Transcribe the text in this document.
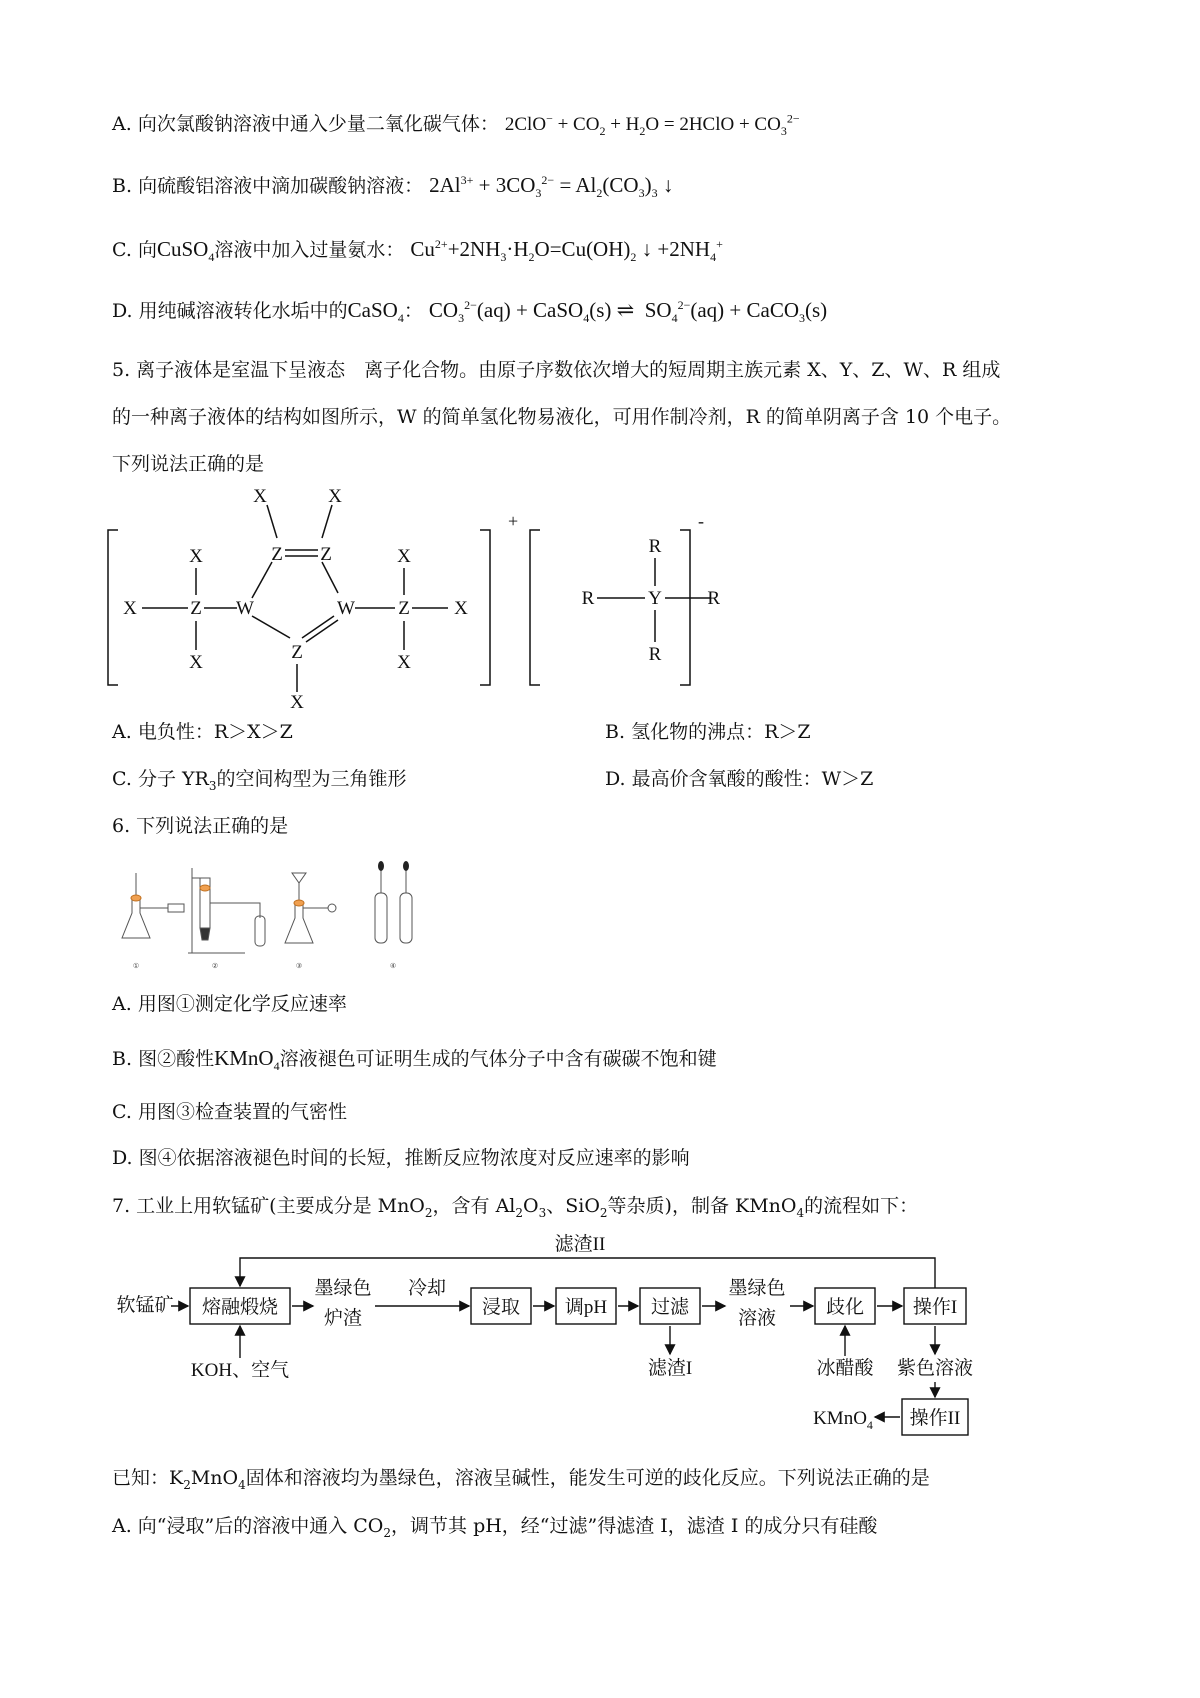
A. 向次氯酸钠溶液中通入少量二氧化碳气体： $2ClO^- + CO_2 + H_2O$ = 2HClO + $CO_3^{2-}$
B. 向硫酸铝溶液中滴加碳酸钠溶液： $2Al^{3+} + 3CO_3^{2-} = Al_2(CO_3)_3$ ↓
C. 向CuSO$_4$溶液中加入过量氨水： $Cu^{2+}+2NH_3\cdot H_2O=Cu(OH)_2$ ↓ $+2NH_4^+$
D. 用纯碱溶液转化水垢中的CaSO$_4$： $CO_3^{2-}(aq)$ + CaSO$_4$(s) ⇌  $SO_4^{2-}(aq)$ + CaCO$_3$(s)
5. 离子液体是室温下呈液态　离子化合物。由原子序数依次增大的短周期主族元素 X、Y、Z、W、R 组成
的一种离子液体的结构如图所示，W 的简单氢化物易液化，可用作制冷剂，R 的简单阴离子含 10 个电子。
下列说法正确的是
X
X
Z
X
W
X	X
Z Z
W
Z
X
X
Z
X
X
R
R	Y R
R
+	-
A. 电负性：R＞X＞Z	B. 氢化物的沸点：R＞Z
C. 分子 $YR_3$的空间构型为三角锥形	D. 最高价含氧酸的酸性：W＞Z
6. 下列说法正确的是
①	②	③	④
A. 用图①测定化学反应速率
B. 图②酸性KMnO$_4$溶液褪色可证明生成的气体分子中含有碳碳不饱和键
C. 用图③检查装置的气密性
D. 图④依据溶液褪色时间的长短，推断反应物浓度对反应速率的影响
7. 工业上用软锰矿(主要成分是 MnO$_2$，含有 $Al_2O_3$、SiO$_2$等杂质)，制备 KMnO$_4$的流程如下：
滤渣II
软锰矿 熔融煅烧
KOH、空气
墨绿色
炉渣
冷却
浸取 调pH 过滤
滤渣I
墨绿色
溶液
歧化
冰醋酸
操作I
紫色溶液
操作II
KMnO$_4$
已知：$K_2MnO_4$固体和溶液均为墨绿色，溶液呈碱性，能发生可逆的歧化反应。下列说法正确的是
A. 向“浸取”后的溶液中通入 $CO_2$，调节其 pH，经“过滤”得滤渣 I，滤渣 I 的成分只有硅酸
